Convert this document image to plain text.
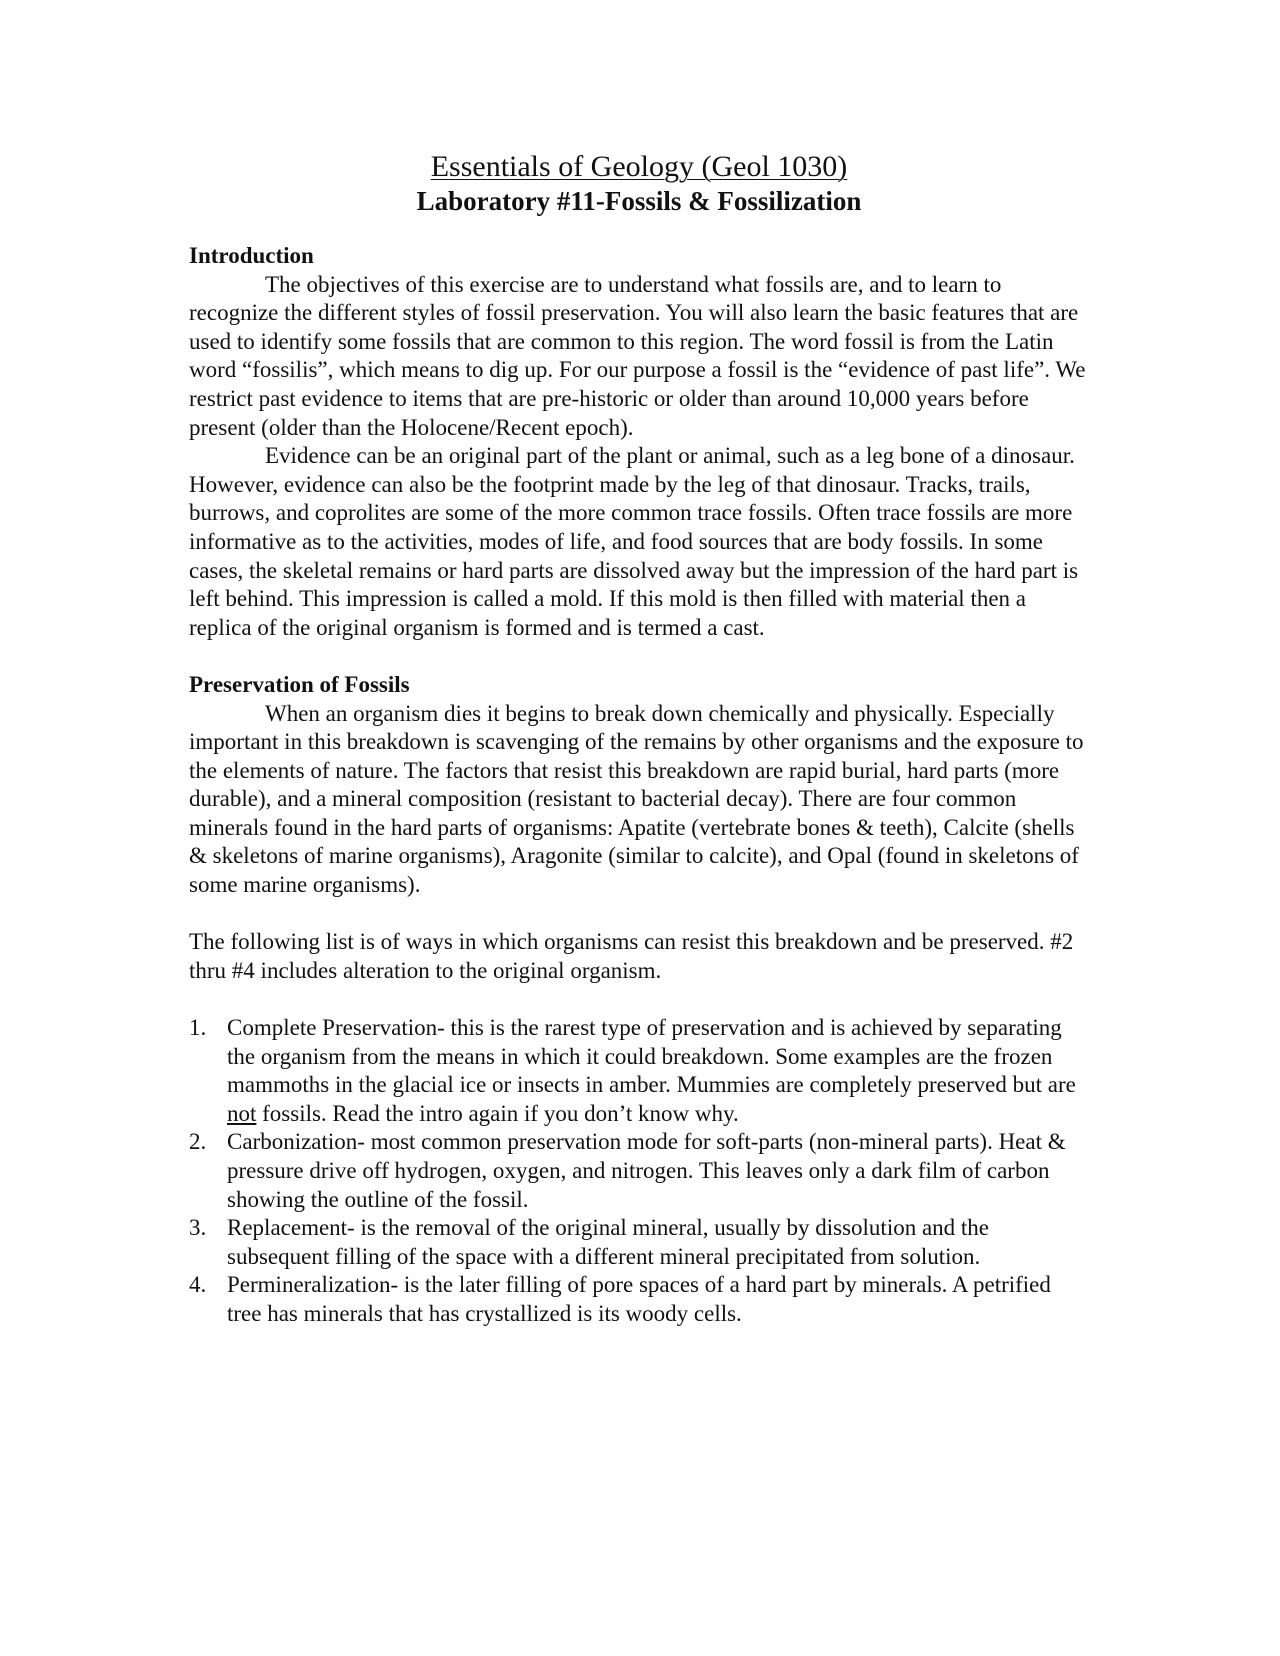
Essentials of Geology (Geol 1030)
Laboratory #11-Fossils & Fossilization

Introduction

The objectives of this exercise are to understand what fossils are, and to learn to recognize the different styles of fossil preservation. You will also learn the basic features that are used to identify some fossils that are common to this region. The word fossil is from the Latin word “fossilis”, which means to dig up. For our purpose a fossil is the “evidence of past life”. We restrict past evidence to items that are pre-historic or older than around 10,000 years before present (older than the Holocene/Recent epoch).

Evidence can be an original part of the plant or animal, such as a leg bone of a dinosaur. However, evidence can also be the footprint made by the leg of that dinosaur. Tracks, trails, burrows, and coprolites are some of the more common trace fossils. Often trace fossils are more informative as to the activities, modes of life, and food sources that are body fossils. In some cases, the skeletal remains or hard parts are dissolved away but the impression of the hard part is left behind. This impression is called a mold. If this mold is then filled with material then a replica of the original organism is formed and is termed a cast.

Preservation of Fossils

When an organism dies it begins to break down chemically and physically. Especially important in this breakdown is scavenging of the remains by other organisms and the exposure to the elements of nature. The factors that resist this breakdown are rapid burial, hard parts (more durable), and a mineral composition (resistant to bacterial decay). There are four common minerals found in the hard parts of organisms: Apatite (vertebrate bones & teeth), Calcite (shells & skeletons of marine organisms), Aragonite (similar to calcite), and Opal (found in skeletons of some marine organisms).

The following list is of ways in which organisms can resist this breakdown and be preserved. #2 thru #4 includes alteration to the original organism.

1. Complete Preservation- this is the rarest type of preservation and is achieved by separating the organism from the means in which it could breakdown. Some examples are the frozen mammoths in the glacial ice or insects in amber. Mummies are completely preserved but are not fossils. Read the intro again if you don’t know why.
2. Carbonization- most common preservation mode for soft-parts (non-mineral parts). Heat & pressure drive off hydrogen, oxygen, and nitrogen. This leaves only a dark film of carbon showing the outline of the fossil.
3. Replacement- is the removal of the original mineral, usually by dissolution and the subsequent filling of the space with a different mineral precipitated from solution.
4. Permineralization- is the later filling of pore spaces of a hard part by minerals. A petrified tree has minerals that has crystallized is its woody cells.
